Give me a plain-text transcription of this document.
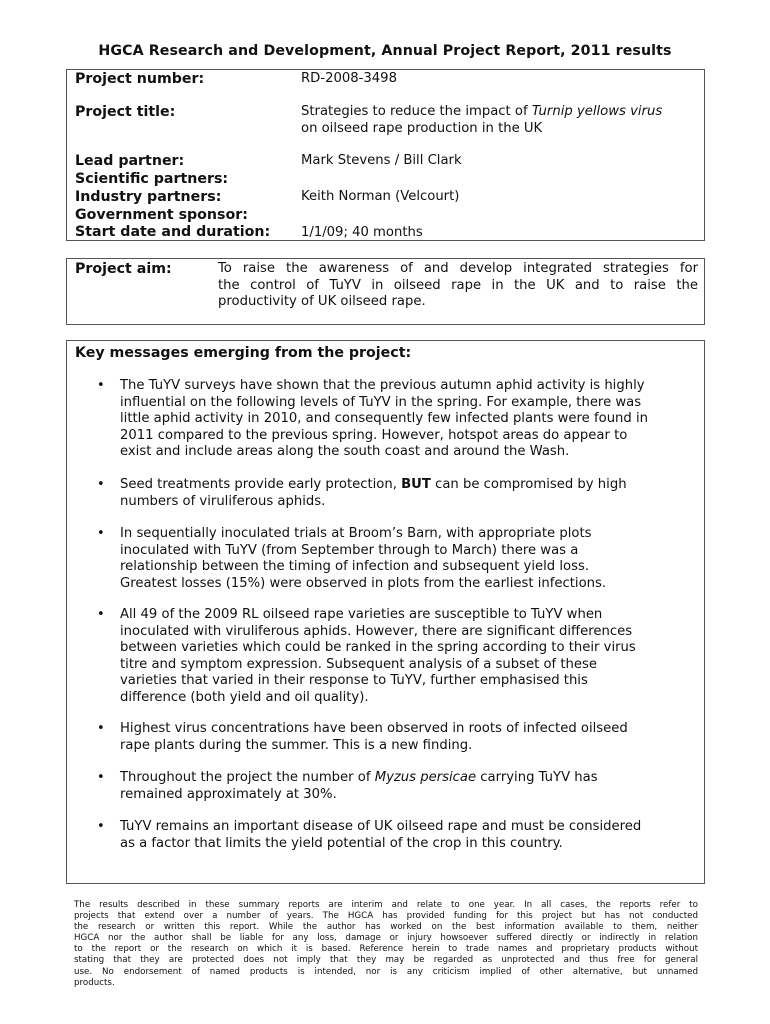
HGCA Research and Development, Annual Project Report, 2011 results
Project number:	RD-2008-3498
Project title:	Strategies to reduce the impact of Turnip yellows virus
on oilseed rape production in the UK
Lead partner:	Mark Stevens / Bill Clark
Scientific partners:
Industry partners:	Keith Norman (Velcourt)
Government sponsor:
Start date and duration: 1/1/09; 40 months
Project aim:	To raise the awareness of and develop integrated strategies for
the control of TuYV in oilseed rape in the UK and to raise the
productivity of UK oilseed rape.
Key messages emerging from the project:
• The TuYV surveys have shown that the previous autumn aphid activity is highly
influential on the following levels of TuYV in the spring. For example, there was
little aphid activity in 2010, and consequently few infected plants were found in
2011 compared to the previous spring. However, hotspot areas do appear to
exist and include areas along the south coast and around the Wash.
• Seed treatments provide early protection, BUT can be compromised by high
numbers of viruliferous aphids.
• In sequentially inoculated trials at Broom’s Barn, with appropriate plots
inoculated with TuYV (from September through to March) there was a
relationship between the timing of infection and subsequent yield loss.
Greatest losses (15%) were observed in plots from the earliest infections.
• All 49 of the 2009 RL oilseed rape varieties are susceptible to TuYV when
inoculated with viruliferous aphids. However, there are significant differences
between varieties which could be ranked in the spring according to their virus
titre and symptom expression. Subsequent analysis of a subset of these
varieties that varied in their response to TuYV, further emphasised this
difference (both yield and oil quality).
• Highest virus concentrations have been observed in roots of infected oilseed
rape plants during the summer. This is a new finding.
• Throughout the project the number of Myzus persicae carrying TuYV has
remained approximately at 30%.
• TuYV remains an important disease of UK oilseed rape and must be considered
as a factor that limits the yield potential of the crop in this country.
The results described in these summary reports are interim and relate to one year. In all cases, the reports refer to
projects that extend over a number of years. The HGCA has provided funding for this project but has not conducted
the research or written this report. While the author has worked on the best information available to them, neither
HGCA nor the author shall be liable for any loss, damage or injury howsoever suffered directly or indirectly in relation
to the report or the research on which it is based. Reference herein to trade names and proprietary products without
stating that they are protected does not imply that they may be regarded as unprotected and thus free for general
use. No endorsement of named products is intended, nor is any criticism implied of other alternative, but unnamed
products.
